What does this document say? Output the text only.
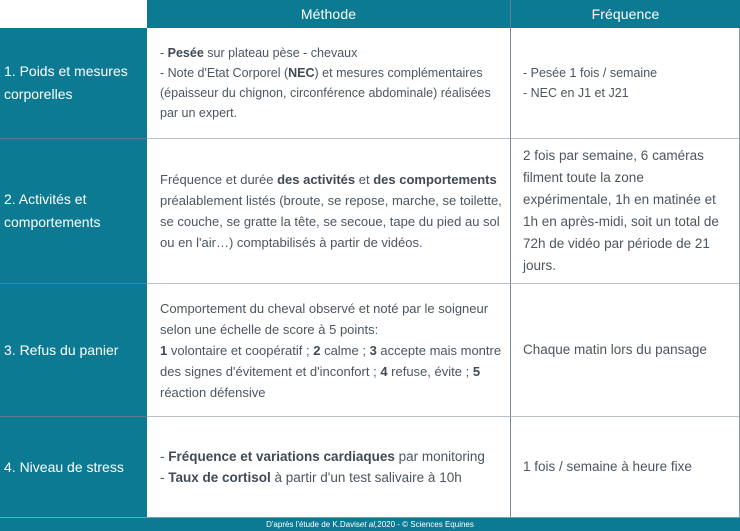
Méthode	Fréquence
1. Poids et mesures corporelles
- Pesée sur plateau pèse - chevaux
- Note d'Etat Corporel (NEC) et mesures complémentaires (épaisseur du chignon, circonférence abdominale) réalisées par un expert.
- Pesée 1 fois / semaine
- NEC en J1 et J21
2. Activités et comportements
Fréquence et durée des activités et des comportements préalablement listés (broute, se repose, marche, se toilette, se couche, se gratte la tête, se secoue, tape du pied au sol ou en l'air…) comptabilisés à partir de vidéos.
2 fois par semaine, 6 caméras filment toute la zone expérimentale, 1h en matinée et 1h en après-midi, soit un total de 72h de vidéo par période de 21 jours.
3. Refus du panier
Comportement du cheval observé et noté par le soigneur selon une échelle de score à 5 points:
1 volontaire et coopératif ; 2 calme ; 3 accepte mais montre des signes d'évitement et d'inconfort ; 4 refuse, évite ; 5 réaction défensive
Chaque matin lors du pansage
4. Niveau de stress
- Fréquence et variations cardiaques par monitoring
- Taux de cortisol à partir d'un test salivaire à 10h
1 fois / semaine à heure fixe
D'après l'étude de K.Davis et al, 2020 - © Sciences Equines
